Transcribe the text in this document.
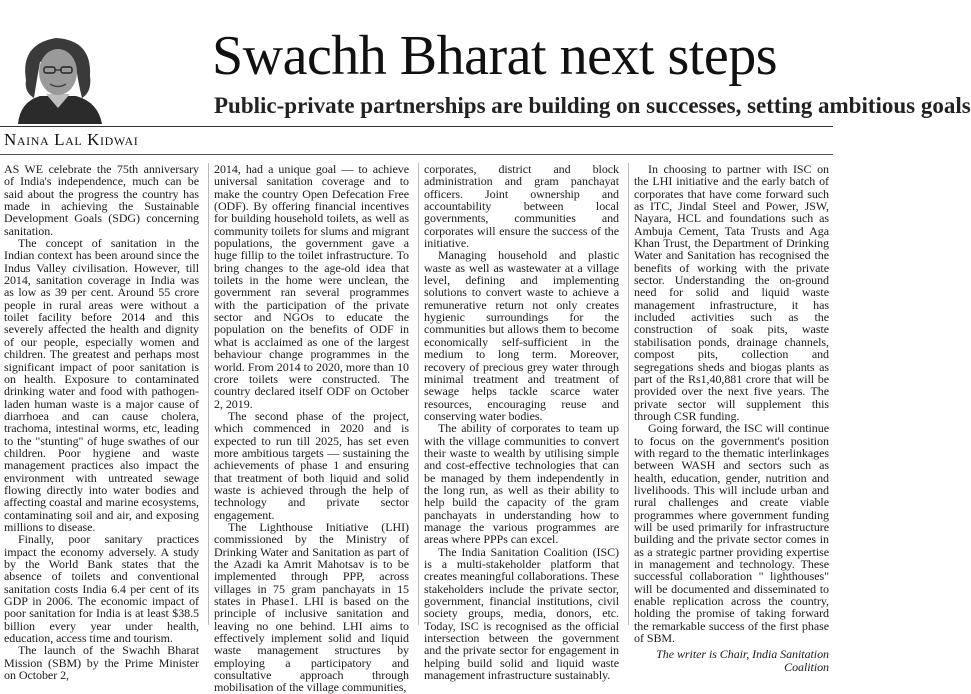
Swachh Bharat next steps
Public-private partnerships are building on successes, setting ambitious goals
Naina Lal Kidwai

AS WE celebrate the 75th anniversary of India's independence, much can be said about the progress the country has made in achieving the Sustainable Development Goals (SDG) concerning sanitation.

The concept of sanitation in the Indian context has been around since the Indus Valley civilisation. However, till 2014, sanitation coverage in India was as low as 39 per cent. Around 55 crore people in rural areas were without a toilet facility before 2014 and this severely affected the health and dignity of our people, especially women and children. The greatest and perhaps most significant impact of poor sanitation is on health. Exposure to contaminated drinking water and food with pathogen-laden human waste is a major cause of diarrhoea and can cause cholera, trachoma, intestinal worms, etc, leading to the "stunting" of huge swathes of our children. Poor hygiene and waste management practices also impact the environment with untreated sewage flowing directly into water bodies and affecting coastal and marine ecosystems, contaminating soil and air, and exposing millions to disease.

Finally, poor sanitary practices impact the economy adversely. A study by the World Bank states that the absence of toilets and conventional sanitation costs India 6.4 per cent of its GDP in 2006. The economic impact of poor sanitation for India is at least $38.5 billion every year under health, education, access time and tourism.

The launch of the Swachh Bharat Mission (SBM) by the Prime Minister on October 2,

2014, had a unique goal — to achieve universal sanitation coverage and to make the country Open Defecation Free (ODF). By offering financial incentives for building household toilets, as well as community toilets for slums and migrant populations, the government gave a huge fillip to the toilet infrastructure. To bring changes to the age-old idea that toilets in the home were unclean, the government ran several programmes with the participation of the private sector and NGOs to educate the population on the benefits of ODF in what is acclaimed as one of the largest behaviour change programmes in the world. From 2014 to 2020, more than 10 crore toilets were constructed. The country declared itself ODF on October 2, 2019.

The second phase of the project, which commenced in 2020 and is expected to run till 2025, has set even more ambitious targets — sustaining the achievements of phase 1 and ensuring that treatment of both liquid and solid waste is achieved through the help of technology and private sector engagement.

The Lighthouse Initiative (LHI) commissioned by the Ministry of Drinking Water and Sanitation as part of the Azadi ka Amrit Mahotsav is to be implemented through PPP, across villages in 75 gram panchayats in 15 states in Phase1. LHI is based on the principle of inclusive sanitation and leaving no one behind. LHI aims to effectively implement solid and liquid waste management structures by employing a participatory and consultative approach through mobilisation of the village communities,

corporates, district and block administration and gram panchayat officers. Joint ownership and accountability between local governments, communities and corporates will ensure the success of the initiative.

Managing household and plastic waste as well as wastewater at a village level, defining and implementing solutions to convert waste to achieve a remunerative return not only creates hygienic surroundings for the communities but allows them to become economically self-sufficient in the medium to long term. Moreover, recovery of precious grey water through minimal treatment and treatment of sewage helps tackle scarce water resources, encouraging reuse and conserving water bodies.

The ability of corporates to team up with the village communities to convert their waste to wealth by utilising simple and cost-effective technologies that can be managed by them independently in the long run, as well as their ability to help build the capacity of the gram panchayats in understanding how to manage the various programmes are areas where PPPs can excel.

The India Sanitation Coalition (ISC) is a multi-stakeholder platform that creates meaningful collaborations. These stakeholders include the private sector, government, financial institutions, civil society groups, media, donors, etc. Today, ISC is recognised as the official intersection between the government and the private sector for engagement in helping build solid and liquid waste management infrastructure sustainably.

In choosing to partner with ISC on the LHI initiative and the early batch of corporates that have come forward such as ITC, Jindal Steel and Power, JSW, Nayara, HCL and foundations such as Ambuja Cement, Tata Trusts and Aga Khan Trust, the Department of Drinking Water and Sanitation has recognised the benefits of working with the private sector. Understanding the on-ground need for solid and liquid waste management infrastructure, it has included activities such as the construction of soak pits, waste stabilisation ponds, drainage channels, compost pits, collection and segregations sheds and biogas plants as part of the Rs1,40,881 crore that will be provided over the next five years. The private sector will supplement this through CSR funding.

Going forward, the ISC will continue to focus on the government's position with regard to the thematic interlinkages between WASH and sectors such as health, education, gender, nutrition and livelihoods. This will include urban and rural challenges and create viable programmes where government funding will be used primarily for infrastructure building and the private sector comes in as a strategic partner providing expertise in management and technology. These successful collaboration " lighthouses" will be documented and disseminated to enable replication across the country, holding the promise of taking forward the remarkable success of the first phase of SBM.

The writer is Chair, India Sanitation Coalition
